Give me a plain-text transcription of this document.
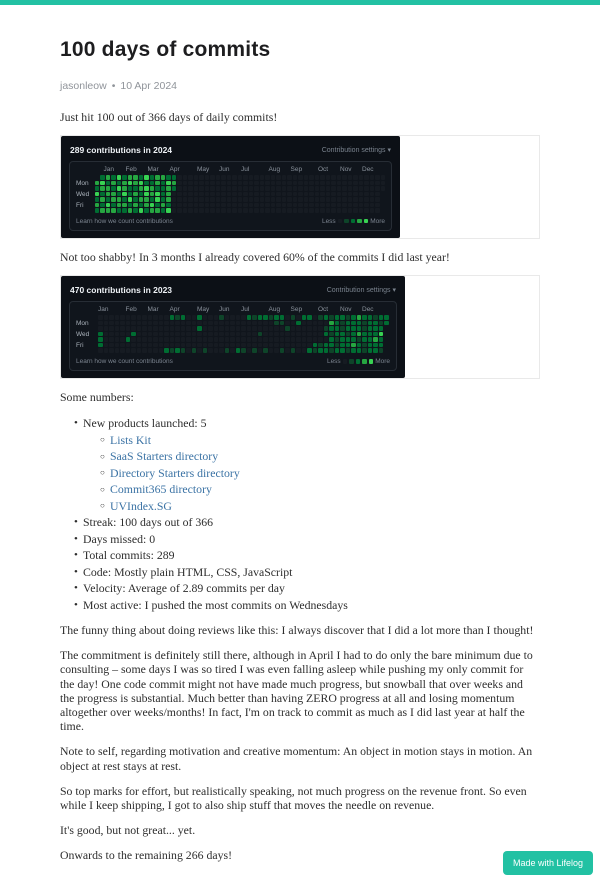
100 days of commits

jasonleow • 10 Apr 2024

Just hit 100 out of 366 days of daily commits!

289 contributions in 2024	Contribution settings ▾
Jan Feb Mar Apr	May Jun Jul	Aug Sep Oct Nov Dec
Mon
Wed
Fri
Learn how we count contributions	Less	More

Not too shabby! In 3 months I already covered 60% of the commits I did last year!

470 contributions in 2023	Contribution settings ▾
Jan	Feb Mar Apr	May Jun Jul	Aug Sep Oct Nov Dec
Mon
Wed
Fri
Learn how we count contributions	Less	More

Some numbers:

• New products launched: 5
○ Lists Kit
○ SaaS Starters directory
○ Directory Starters directory
○ Commit365 directory
○ UVIndex.SG
• Streak: 100 days out of 366
• Days missed: 0
• Total commits: 289
• Code: Mostly plain HTML, CSS, JavaScript
• Velocity: Average of 2.89 commits per day
• Most active: I pushed the most commits on Wednesdays

The funny thing about doing reviews like this: I always discover that I did a lot more than I thought!

The commitment is definitely still there, although in April I had to do only the bare minimum due to consulting – some days I was so tired I was even falling asleep while pushing my only commit for the day! One code commit might not have made much progress, but snowball that over weeks and the progress is substantial. Much better than having ZERO progress at all and losing momentum altogether over weeks/months! In fact, I'm on track to commit as much as I did last year at half the time.

Note to self, regarding motivation and creative momentum: An object in motion stays in motion. An object at rest stays at rest.

So top marks for effort, but realistically speaking, not much progress on the revenue front. So even while I keep shipping, I got to also ship stuff that moves the needle on revenue.

It's good, but not great... yet.

Onwards to the remaining 266 days!

Made with Lifelog
